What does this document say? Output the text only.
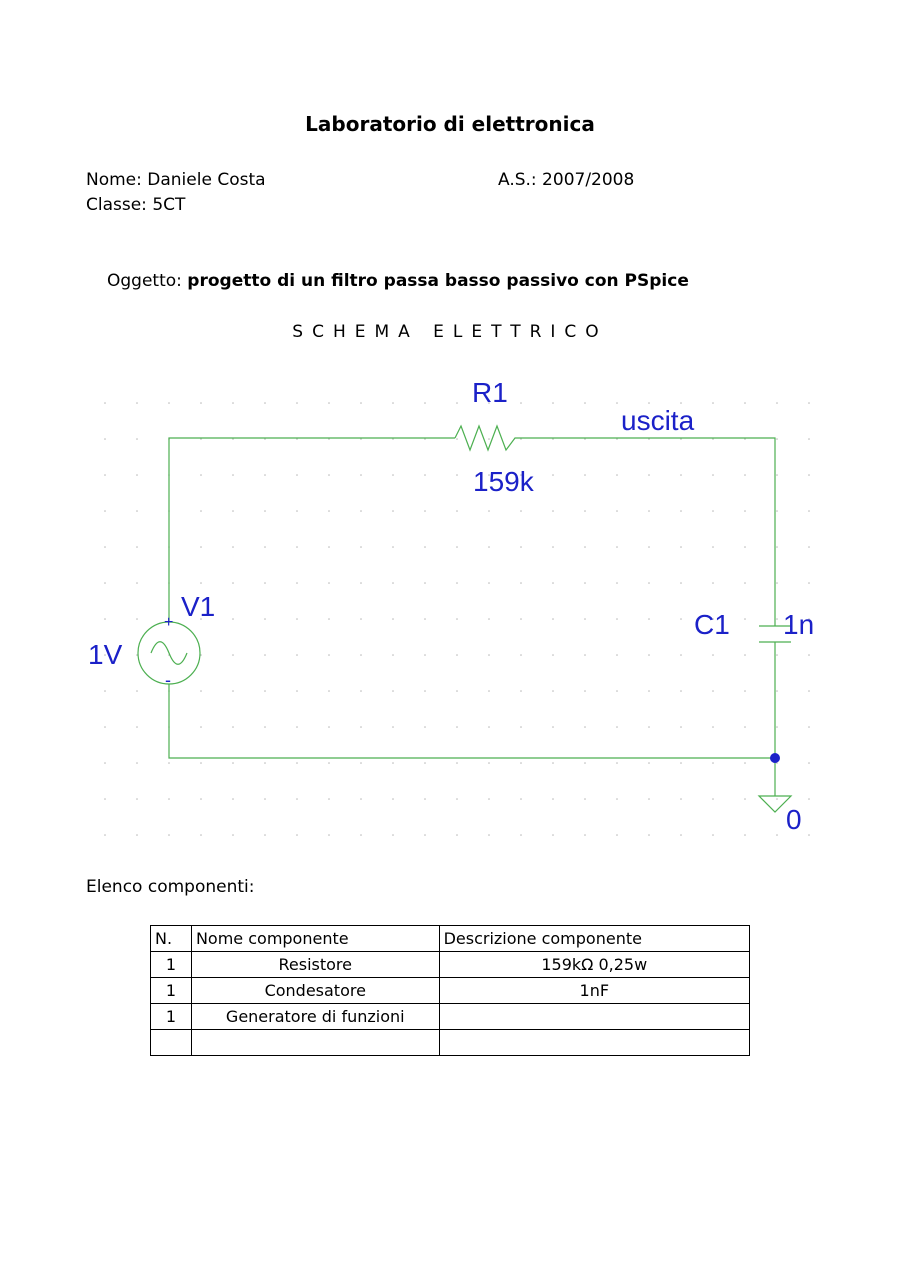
Laboratorio di elettronica
Nome: Daniele Costa
Classe: 5CT
A.S.: 2007/2008
Oggetto: progetto di un filtro passa basso passivo con PSpice
SCHEMA ELETTRICO
+
-
R1
159k
uscita
V1
1V
C1 1n
0
Elenco componenti:
N.	Nome componente	Descrizione componente
1	Resistore	159kΩ 0,25w
1	Condesatore	1nF
1	Generatore di funzioni	
